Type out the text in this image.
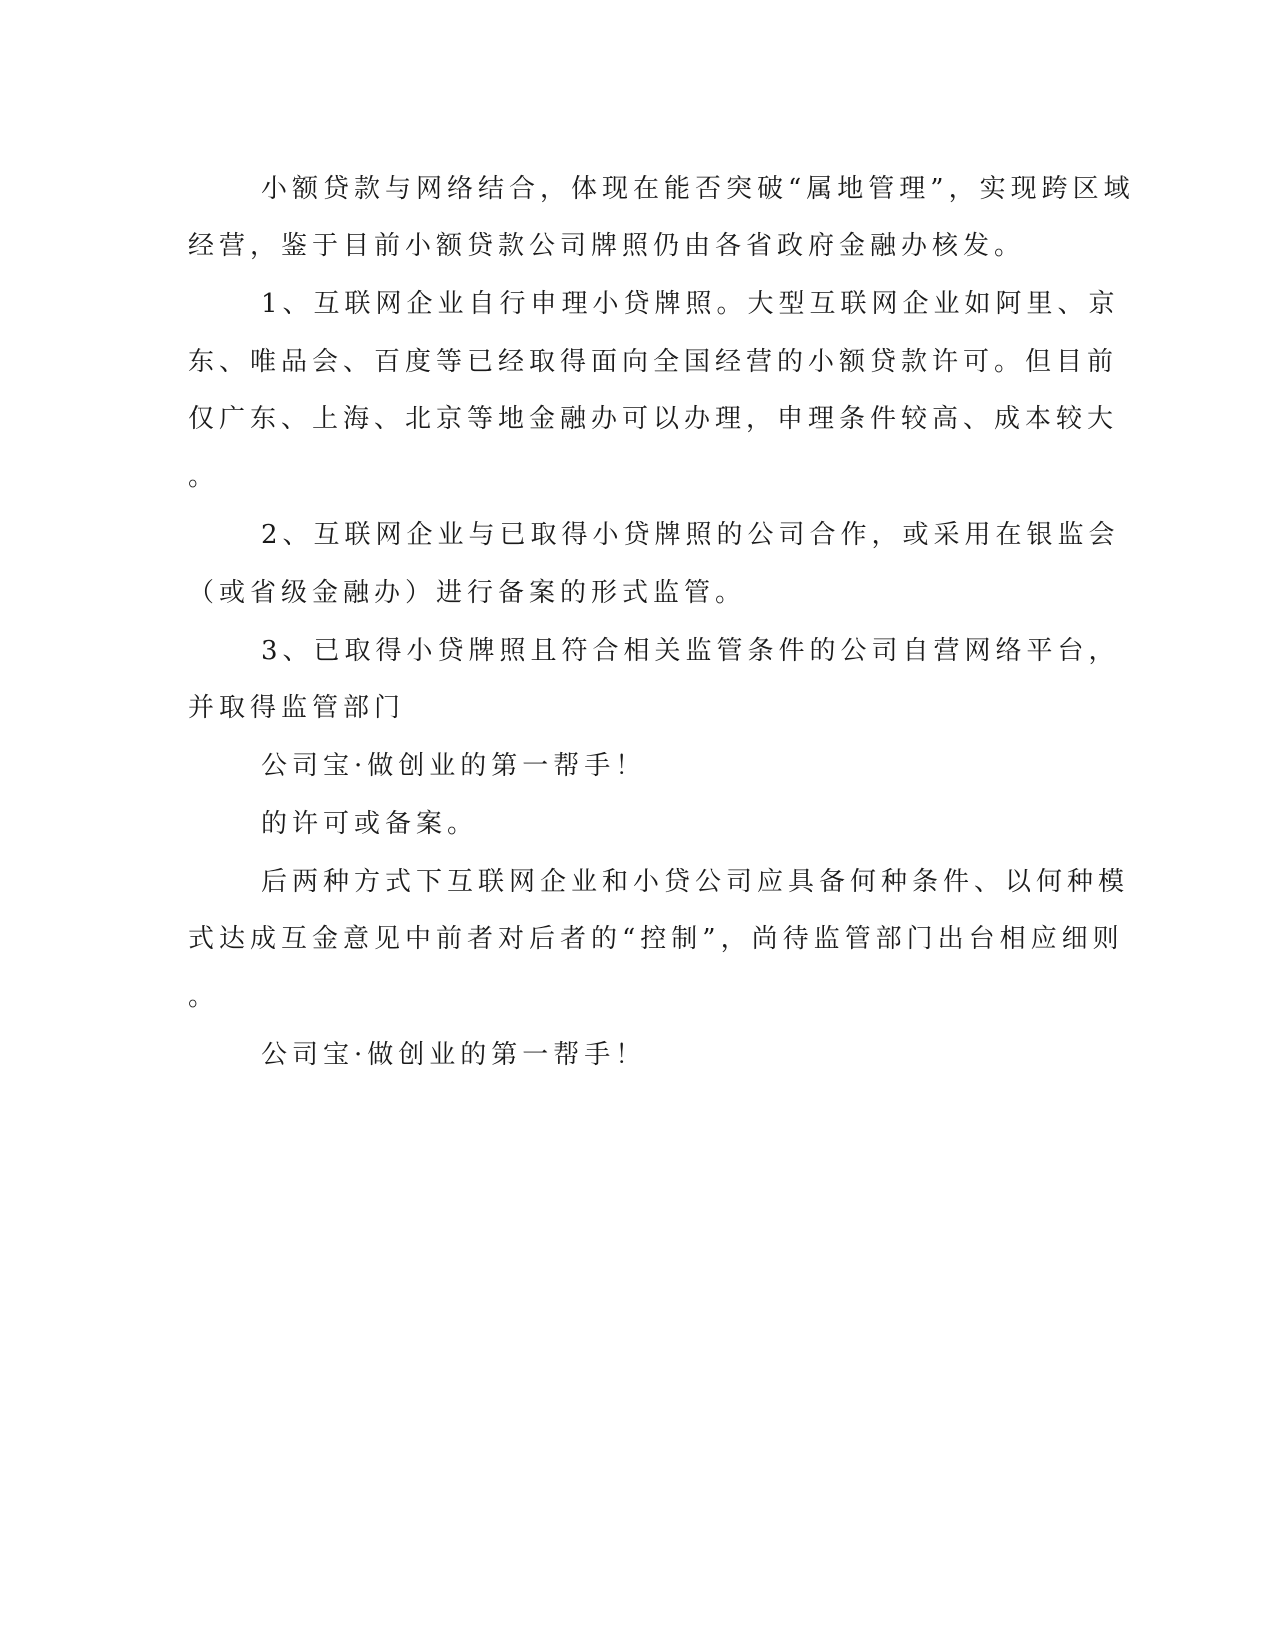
小额贷款与网络结合，体现在能否突破“属地管理”，实现跨区域
经营，鉴于目前小额贷款公司牌照仍由各省政府金融办核发。
1、互联网企业自行申理小贷牌照。大型互联网企业如阿里、京
东、唯品会、百度等已经取得面向全国经营的小额贷款许可。但目前
仅广东、上海、北京等地金融办可以办理，申理条件较高、成本较大
。
2、互联网企业与已取得小贷牌照的公司合作，或采用在银监会
（或省级金融办）进行备案的形式监管。
3、已取得小贷牌照且符合相关监管条件的公司自营网络平台，
并取得监管部门
公司宝·做创业的第一帮手！
的许可或备案。
后两种方式下互联网企业和小贷公司应具备何种条件、以何种模
式达成互金意见中前者对后者的“控制”，尚待监管部门出台相应细则
。
公司宝·做创业的第一帮手！
